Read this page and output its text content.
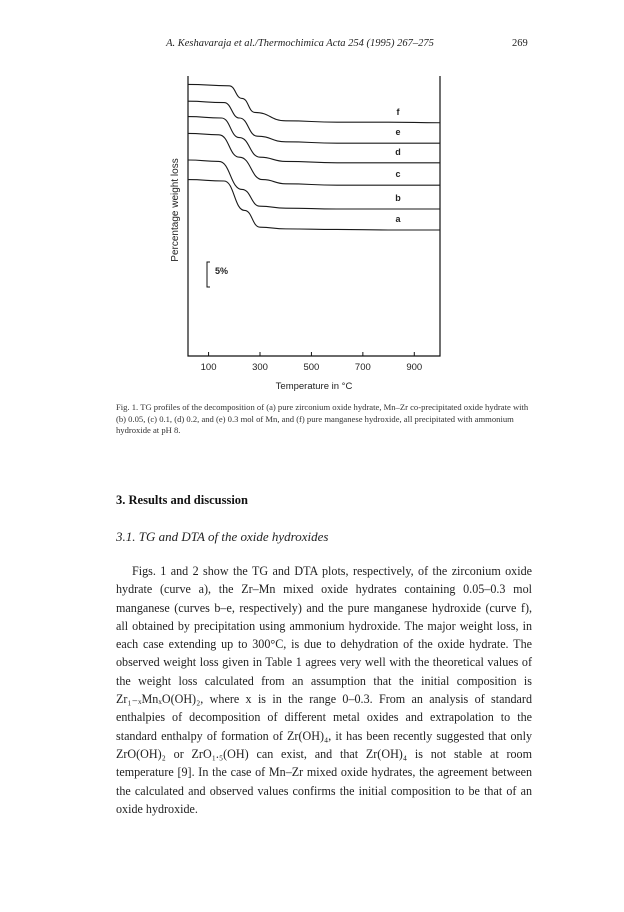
A. Keshavaraja et al./Thermochimica Acta 254 (1995) 267–275	269
f
e
d
c
b
a
100	300	500	700	900
5%
Percentage weight loss
Temperature in °C
Fig. 1. TG profiles of the decomposition of (a) pure zirconium oxide hydrate, Mn–Zr co-precipitated oxide hydrate with (b) 0.05, (c) 0.1, (d) 0.2, and (e) 0.3 mol of Mn, and (f) pure manganese hydroxide, all precipitated with ammonium hydroxide at pH 8.
3. Results and discussion
3.1. TG and DTA of the oxide hydroxides

Figs. 1 and 2 show the TG and DTA plots, respectively, of the zirconium oxide hydrate (curve a), the Zr–Mn mixed oxide hydrates containing 0.05–0.3 mol manganese (curves b–e, respectively) and the pure manganese hydroxide (curve f), all obtained by precipitation using ammonium hydroxide. The major weight loss, in each case extending up to 300°C, is due to dehydration of the oxide hydrate. The observed weight loss given in Table 1 agrees very well with the theoretical values of the weight loss calculated from an assumption that the initial composition is Zr₁₋ₓMnₓO(OH)₂, where x is in the range 0–0.3. From an analysis of standard enthalpies of decomposition of different metal oxides and extrapolation to the standard enthalpy of formation of Zr(OH)₄, it has been recently suggested that only ZrO(OH)₂ or ZrO₁.₅(OH) can exist, and that Zr(OH)₄ is not stable at room temperature [9]. In the case of Mn–Zr mixed oxide hydrates, the agreement between the calculated and observed values confirms the initial composition to be that of an oxide hydroxide.
